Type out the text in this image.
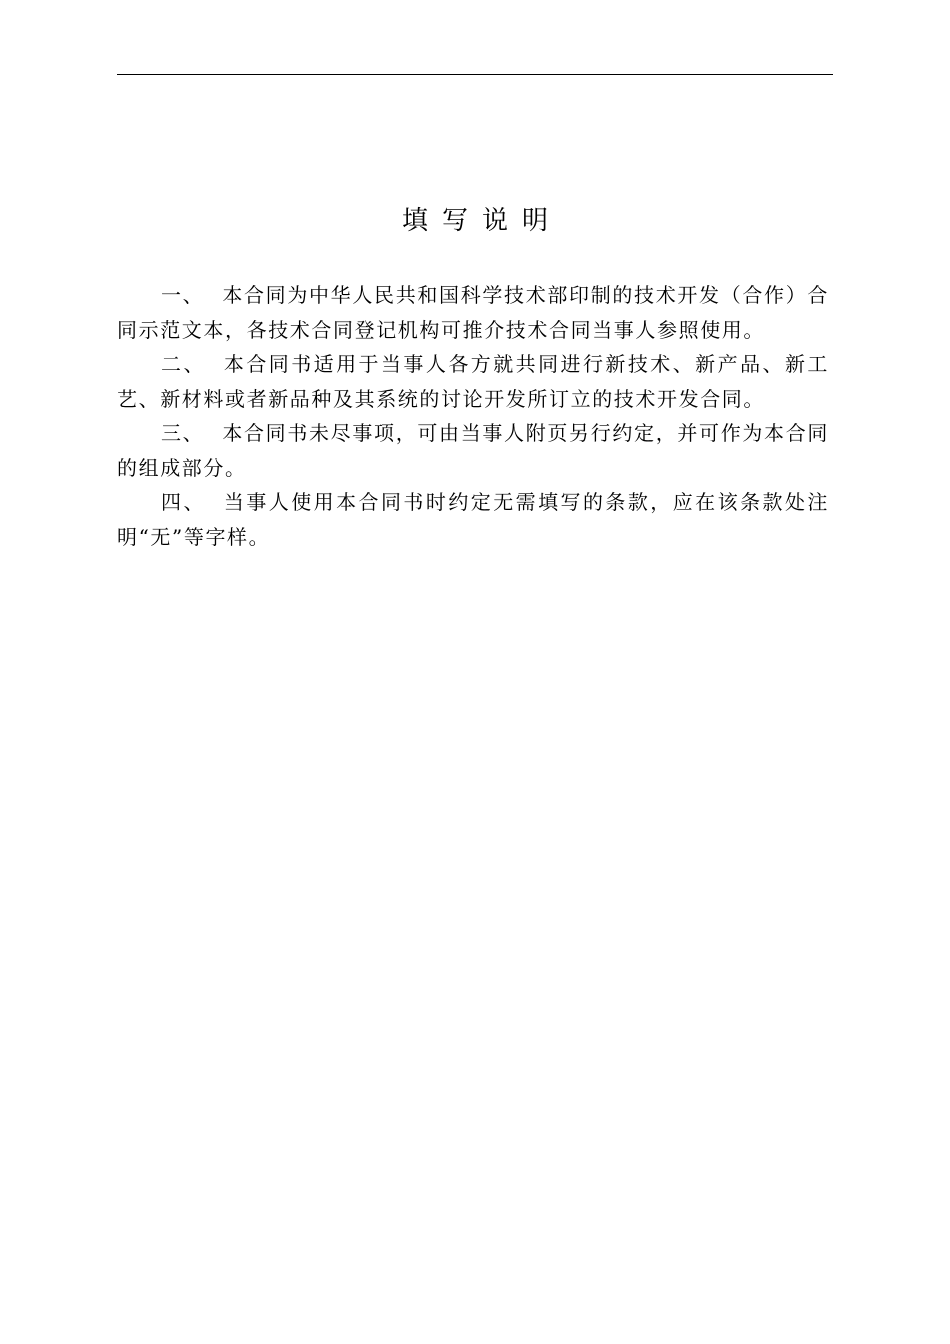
填写说明
一、 本合同为中华人民共和国科学技术部印制的技术开发（合作）合同示范文本，各技术合同登记机构可推介技术合同当事人参照使用。
二、 本合同书适用于当事人各方就共同进行新技术、新产品、新工艺、新材料或者新品种及其系统的讨论开发所订立的技术开发合同。
三、 本合同书未尽事项，可由当事人附页另行约定，并可作为本合同的组成部分。
四、 当事人使用本合同书时约定无需填写的条款，应在该条款处注明“无”等字样。
